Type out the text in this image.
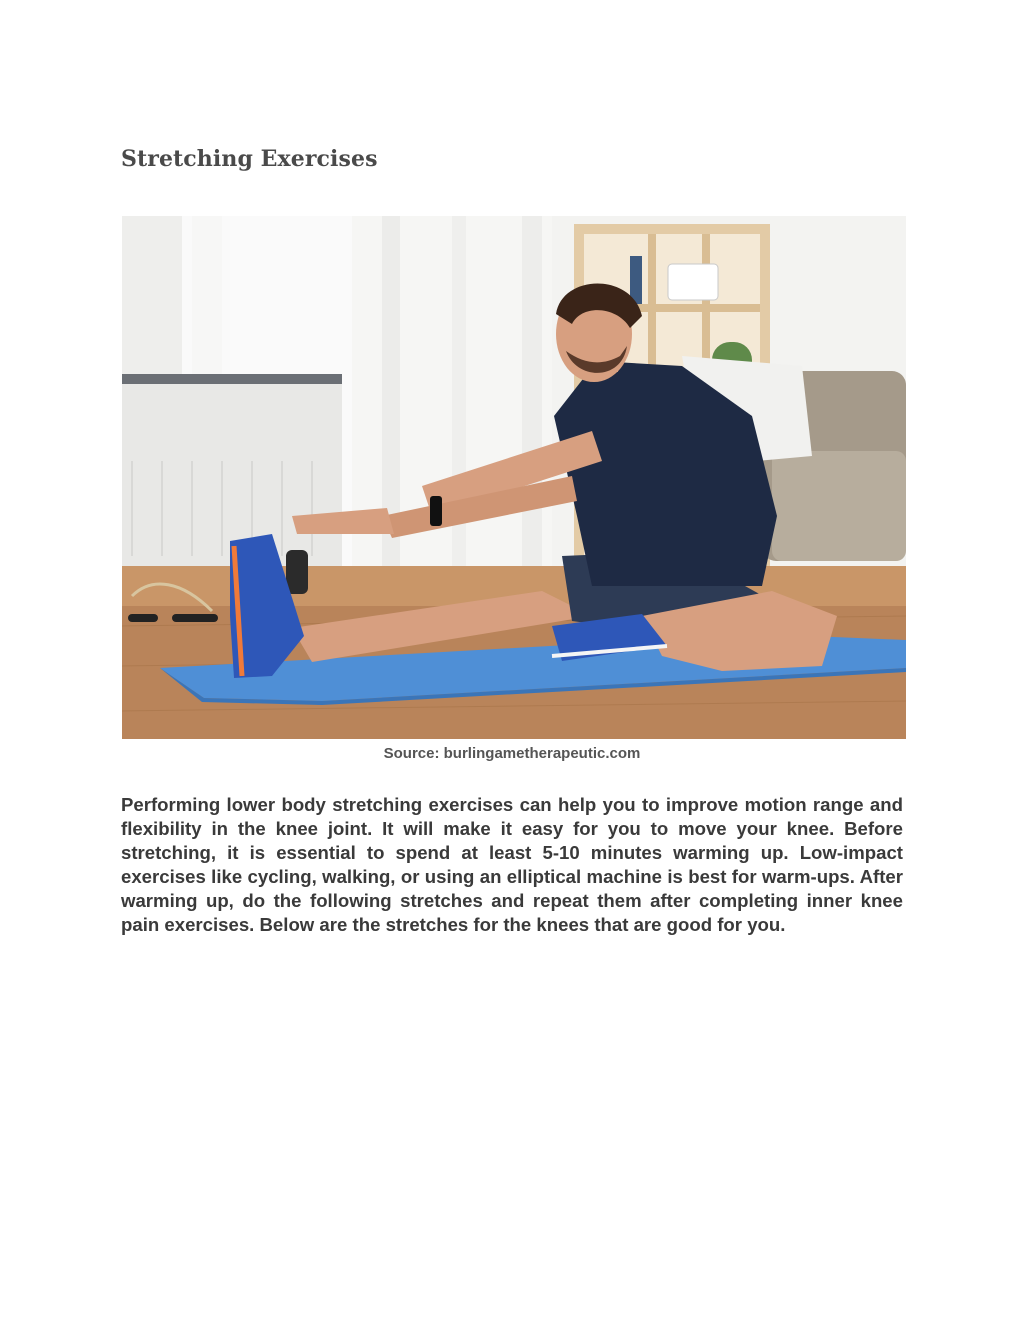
Stretching Exercises
Source: burlingametherapeutic.com

Performing lower body stretching exercises can help you to improve motion range and flexibility in the knee joint. It will make it easy for you to move your knee. Before stretching, it is essential to spend at least 5-10 minutes warming up. Low-impact exercises like cycling, walking, or using an elliptical machine is best for warm-ups. After warming up, do the following stretches and repeat them after completing inner knee pain exercises. Below are the stretches for the knees that are good for you.
